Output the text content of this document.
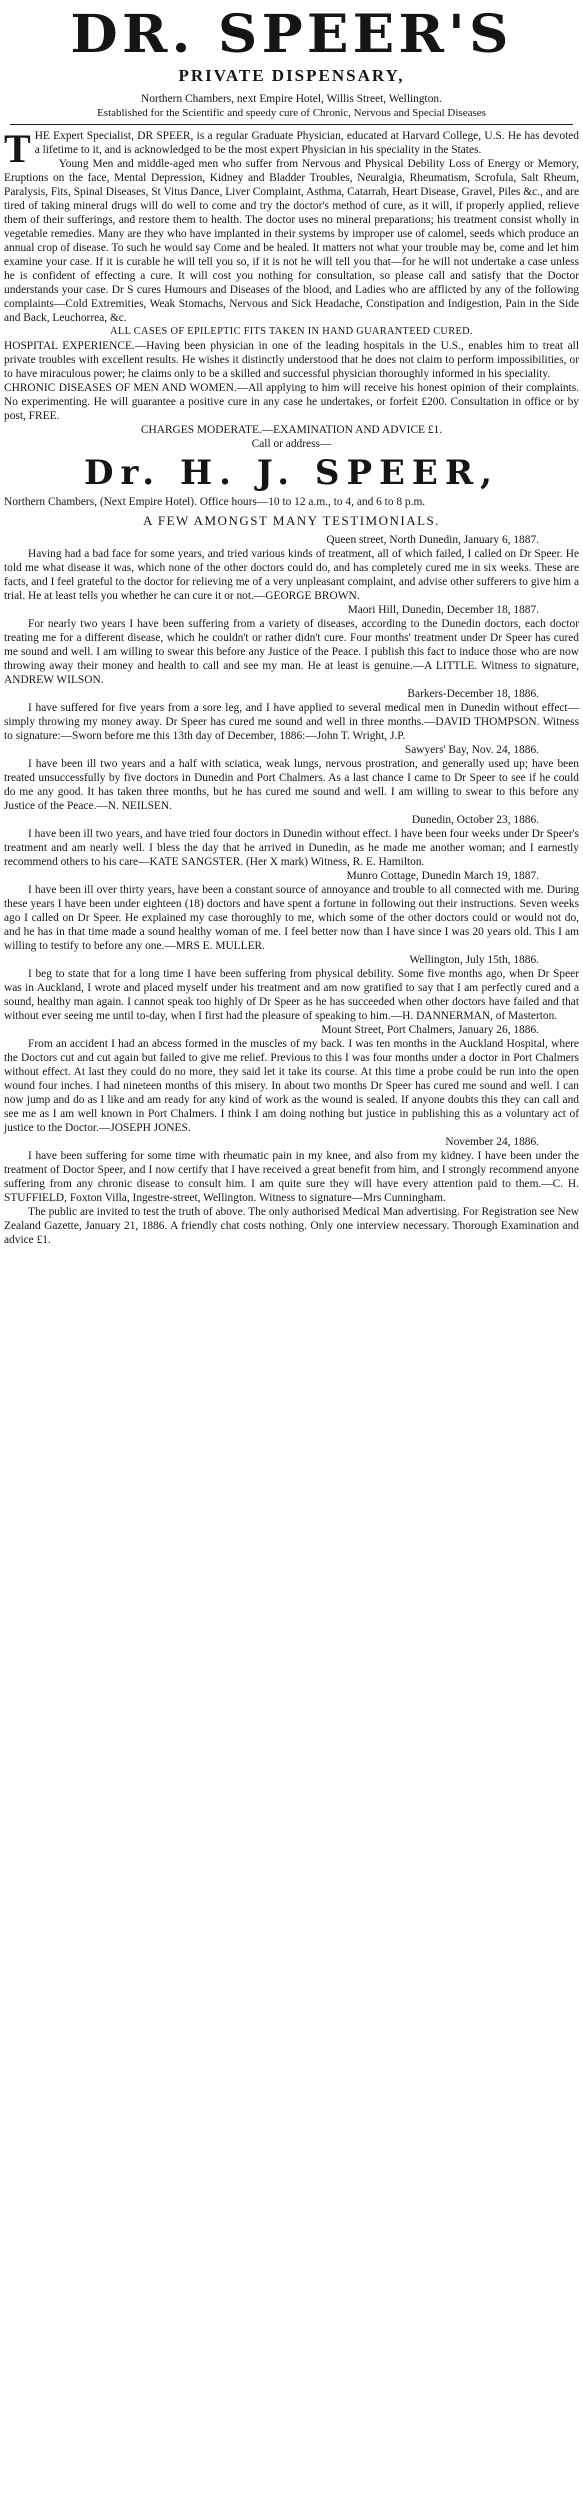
DR. SPEER'S
PRIVATE DISPENSARY,

Northern Chambers, next Empire Hotel, Willis Street, Wellington.

Established for the Scientific and speedy cure of Chronic, Nervous and Special Diseases

THE Expert Specialist, DR SPEER, is a regular Graduate Physician, educated at Harvard College, U.S. He has devoted a lifetime to it, and is acknowledged to be the most expert Physician in his speciality in the States.

Young Men and middle-aged men who suffer from Nervous and Physical Debility Loss of Energy or Memory, Eruptions on the face, Mental Depression, Kidney and Bladder Troubles, Neuralgia, Rheumatism, Scrofula, Salt Rheum, Paralysis, Fits, Spinal Diseases, St Vitus Dance, Liver Complaint, Asthma, Catarrah, Heart Disease, Gravel, Piles &c., and are tired of taking mineral drugs will do well to come and try the doctor's method of cure, as it will, if properly applied, relieve them of their sufferings, and restore them to health. The doctor uses no mineral preparations; his treatment consist wholly in vegetable remedies. Many are they who have implanted in their systems by improper use of calomel, seeds which produce an annual crop of disease. To such he would say Come and be healed. It matters not what your trouble may be, come and let him examine your case. If it is curable he will tell you so, if it is not he will tell you that—for he will not undertake a case unless he is confident of effecting a cure. It will cost you nothing for consultation, so please call and satisfy that the Doctor understands your case. Dr S cures Humours and Diseases of the blood, and Ladies who are afflicted by any of the following complaints—Cold Extremities, Weak Stomachs, Nervous and Sick Headache, Constipation and Indigestion, Pain in the Side and Back, Leuchorrea, &c.

ALL CASES OF EPILEPTIC FITS TAKEN IN HAND GUARANTEED CURED.

HOSPITAL EXPERIENCE.—Having been physician in one of the leading hospitals in the U.S., enables him to treat all private troubles with excellent results. He wishes it distinctly understood that he does not claim to perform impossibilities, or to have miraculous power; he claims only to be a skilled and successful physician thoroughly informed in his speciality.

CHRONIC DISEASES OF MEN AND WOMEN.—All applying to him will receive his honest opinion of their complaints. No experimenting. He will guarantee a positive cure in any case he undertakes, or forfeit £200. Consultation in office or by post, FREE.

CHARGES MODERATE.—EXAMINATION AND ADVICE £1.

Call or address—

Dr. H. J. SPEER,

Northern Chambers, (Next Empire Hotel). Office hours—10 to 12 a.m., to 4, and 6 to 8 p.m.

A FEW AMONGST MANY TESTIMONIALS.

Queen street, North Dunedin, January 6, 1887.

Having had a bad face for some years, and tried various kinds of treatment, all of which failed, I called on Dr Speer. He told me what disease it was, which none of the other doctors could do, and has completely cured me in six weeks. These are facts, and I feel grateful to the doctor for relieving me of a very unpleasant complaint, and advise other sufferers to give him a trial. He at least tells you whether he can cure it or not.—GEORGE BROWN.

Maori Hill, Dunedin, December 18, 1887.

For nearly two years I have been suffering from a variety of diseases, according to the Dunedin doctors, each doctor treating me for a different disease, which he couldn't or rather didn't cure. Four months' treatment under Dr Speer has cured me sound and well. I am willing to swear this before any Justice of the Peace. I publish this fact to induce those who are now throwing away their money and health to call and see my man. He at least is genuine.—A LITTLE. Witness to signature, ANDREW WILSON.

Barkers-December 18, 1886.

I have suffered for five years from a sore leg, and I have applied to several medical men in Dunedin without effect—simply throwing my money away. Dr Speer has cured me sound and well in three months.—DAVID THOMPSON. Witness to signature:—Sworn before me this 13th day of December, 1886:—John T. Wright, J.P.

Sawyers' Bay, Nov. 24, 1886.

I have been ill two years and a half with sciatica, weak lungs, nervous prostration, and generally used up; have been treated unsuccessfully by five doctors in Dunedin and Port Chalmers. As a last chance I came to Dr Speer to see if he could do me any good. It has taken three months, but he has cured me sound and well. I am willing to swear to this before any Justice of the Peace.—N. NEILSEN.

Dunedin, October 23, 1886.

I have been ill two years, and have tried four doctors in Dunedin without effect. I have been four weeks under Dr Speer's treatment and am nearly well. I bless the day that he arrived in Dunedin, as he made me another woman; and I earnestly recommend others to his care—KATE SANGSTER. (Her X mark) Witness, R. E. Hamilton.

Munro Cottage, Dunedin March 19, 1887.

I have been ill over thirty years, have been a constant source of annoyance and trouble to all connected with me. During these years I have been under eighteen (18) doctors and have spent a fortune in following out their instructions. Seven weeks ago I called on Dr Speer. He explained my case thoroughly to me, which some of the other doctors could or would not do, and he has in that time made a sound healthy woman of me. I feel better now than I have since I was 20 years old. This I am willing to testify to before any one.—MRS E. MULLER.

Wellington, July 15th, 1886.

I beg to state that for a long time I have been suffering from physical debility. Some five months ago, when Dr Speer was in Auckland, I wrote and placed myself under his treatment and am now gratified to say that I am perfectly cured and a sound, healthy man again. I cannot speak too highly of Dr Speer as he has succeeded when other doctors have failed and that without ever seeing me until to-day, when I first had the pleasure of speaking to him.—H. DANNERMAN, of Masterton.

Mount Street, Port Chalmers, January 26, 1886.

From an accident I had an abcess formed in the muscles of my back. I was ten months in the Auckland Hospital, where the Doctors cut and cut again but failed to give me relief. Previous to this I was four months under a doctor in Port Chalmers without effect. At last they could do no more, they said let it take its course. At this time a probe could be run into the open wound four inches. I had nineteen months of this misery. In about two months Dr Speer has cured me sound and well. I can now jump and do as I like and am ready for any kind of work as the wound is sealed. If anyone doubts this they can call and see me as I am well known in Port Chalmers. I think I am doing nothing but justice in publishing this as a voluntary act of justice to the Doctor.—JOSEPH JONES.

November 24, 1886.

I have been suffering for some time with rheumatic pain in my knee, and also from my kidney. I have been under the treatment of Doctor Speer, and I now certify that I have received a great benefit from him, and I strongly recommend anyone suffering from any chronic disease to consult him. I am quite sure they will have every attention paid to them.—C. H. STUFFIELD, Foxton Villa, Ingestre-street, Wellington. Witness to signature—Mrs Cunningham.

The public are invited to test the truth of above. The only authorised Medical Man advertising. For Registration see New Zealand Gazette, January 21, 1886. A friendly chat costs nothing. Only one interview necessary. Thorough Examination and advice £1.
